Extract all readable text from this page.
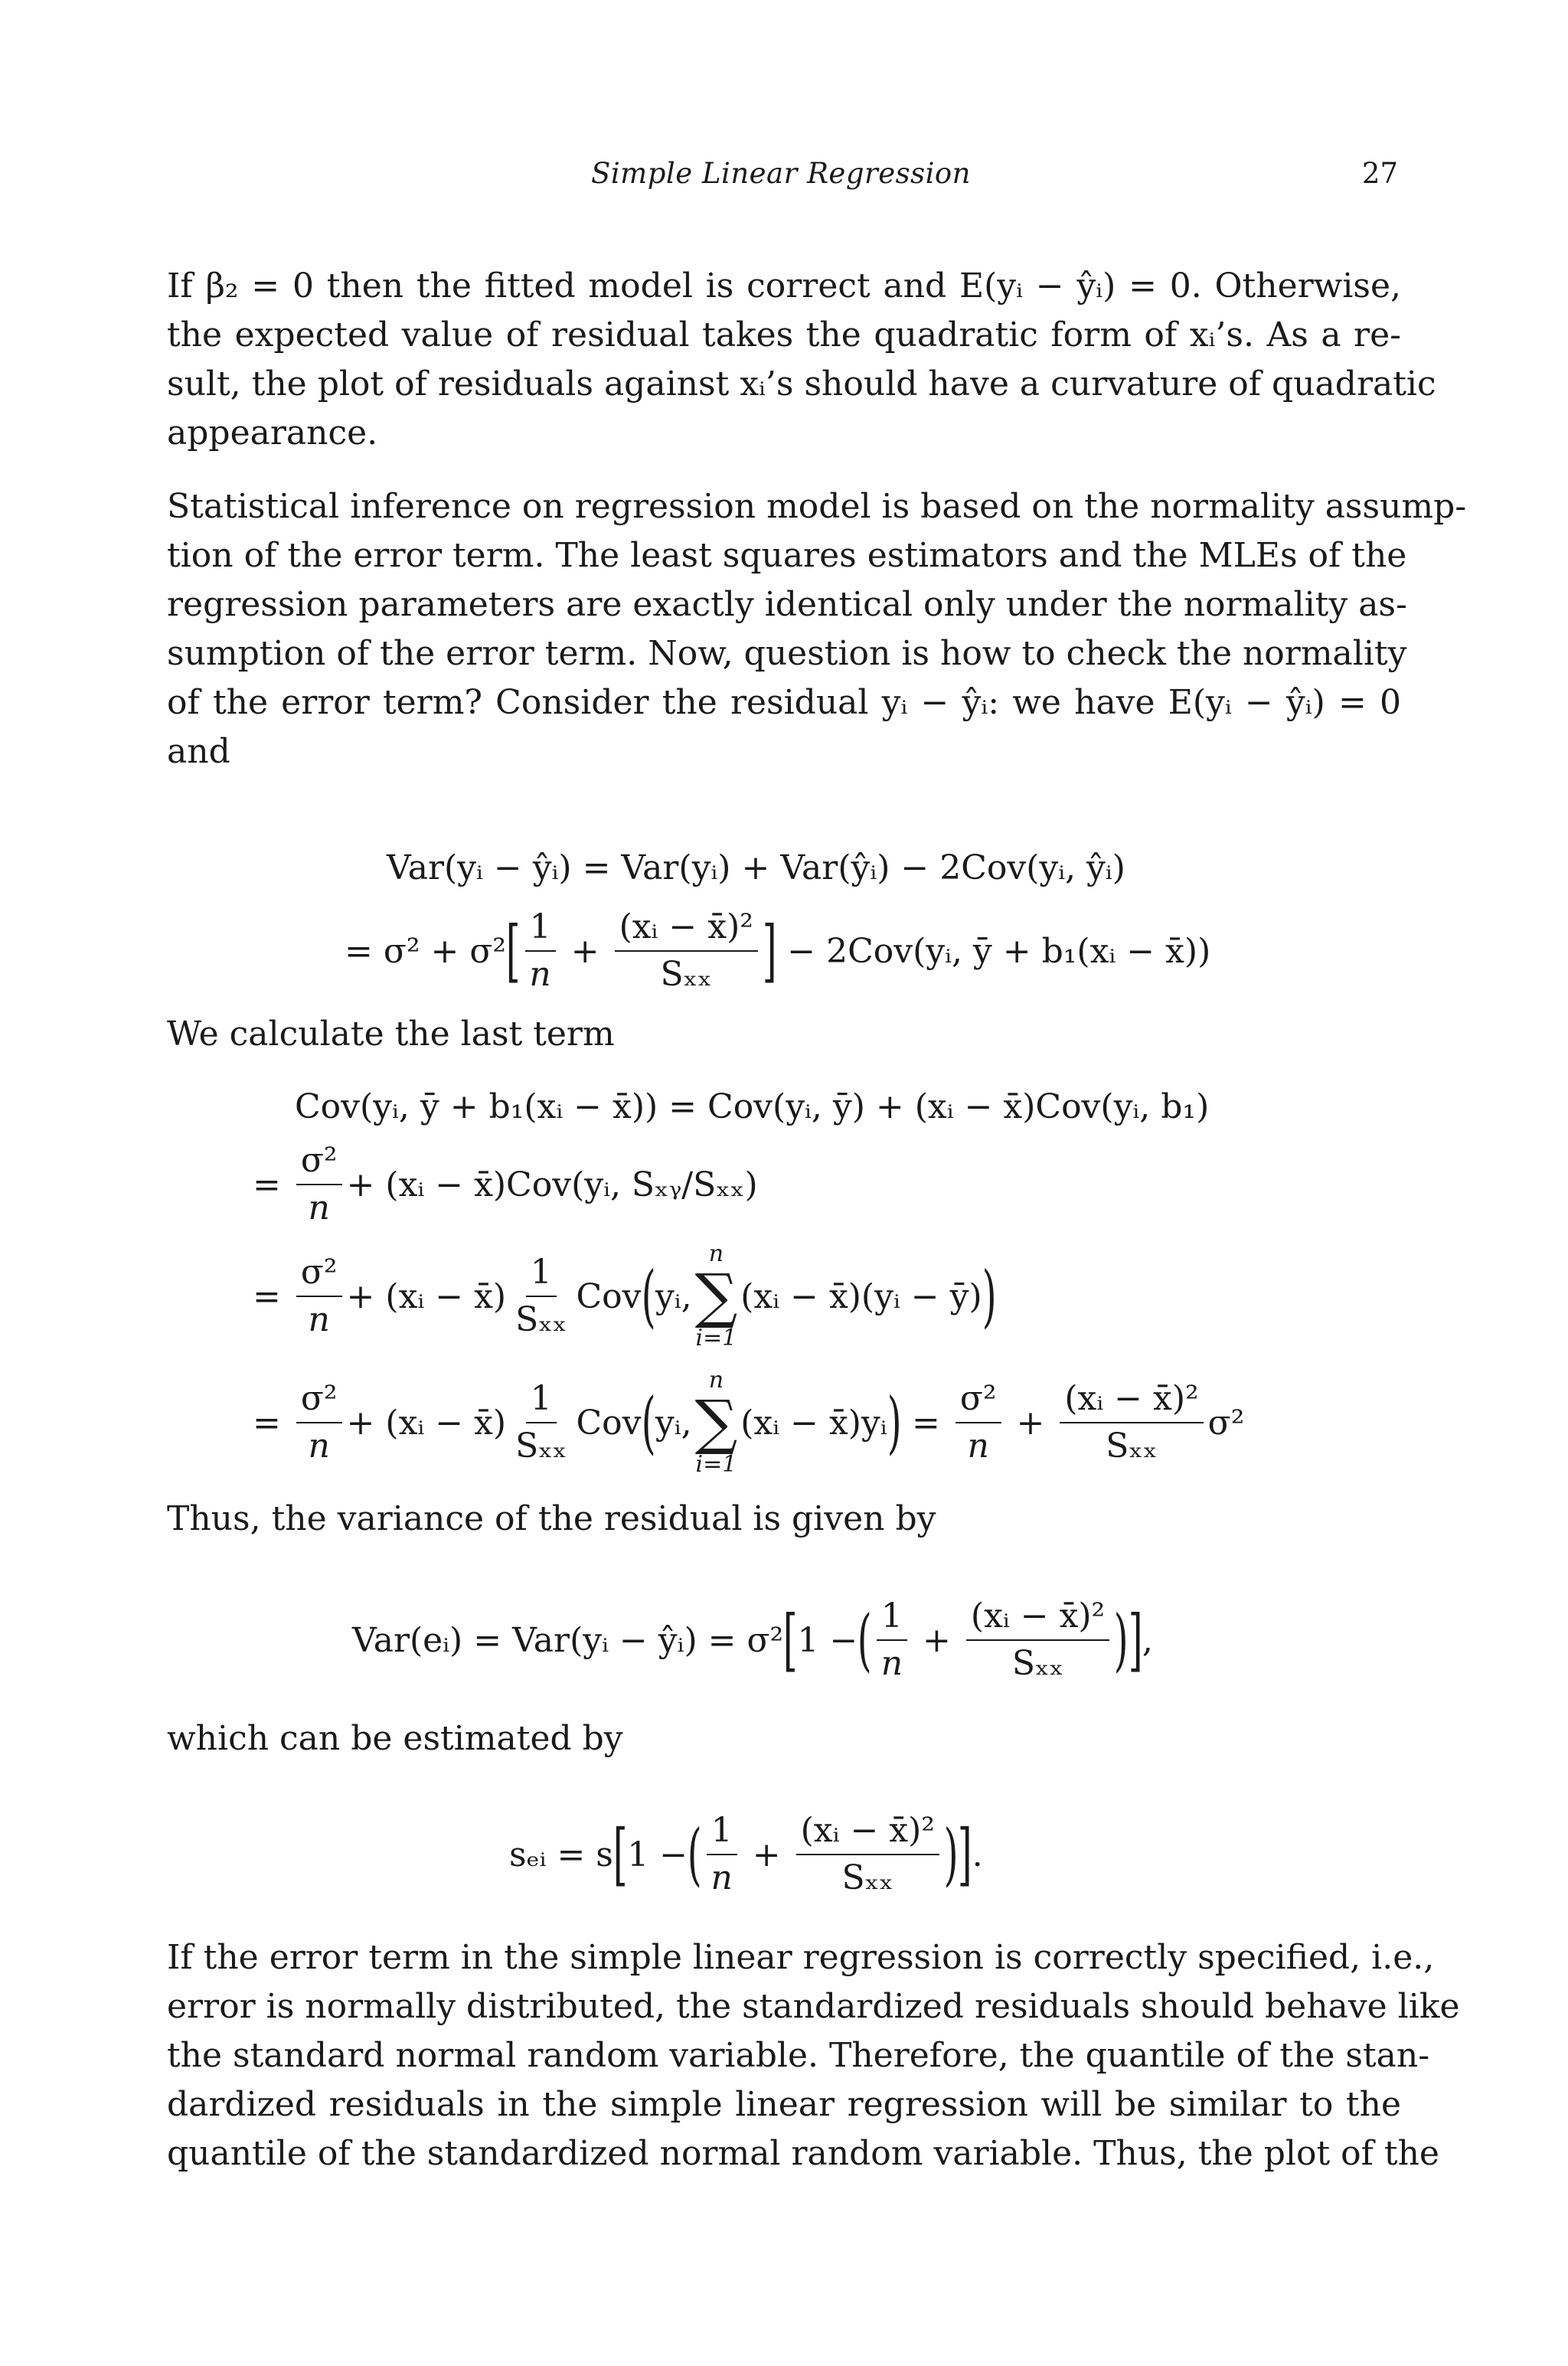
Simple Linear Regression	27
If β₂ = 0 then the fitted model is correct and E(yᵢ − ŷᵢ) = 0. Otherwise,
the expected value of residual takes the quadratic form of xᵢ’s. As a re-
sult, the plot of residuals against xᵢ’s should have a curvature of quadratic
appearance.
Statistical inference on regression model is based on the normality assump-
tion of the error term. The least squares estimators and the MLEs of the
regression parameters are exactly identical only under the normality as-
sumption of the error term. Now, question is how to check the normality
of the error term? Consider the residual yᵢ − ŷᵢ: we have E(yᵢ − ŷᵢ) = 0
and
Var(yᵢ − ŷᵢ) = Var(yᵢ) + Var(ŷᵢ) − 2Cov(yᵢ, ŷᵢ)
= σ² + σ² [ $\frac{1}{n} + \frac{\text{(xᵢ − x̄)²}}{\text{Sₓₓ}}$ ] − 2Cov(yᵢ, ȳ + b₁(xᵢ − x̄))
We calculate the last term
Cov(yᵢ, ȳ + b₁(xᵢ − x̄)) = Cov(yᵢ, ȳ) + (xᵢ − x̄)Cov(yᵢ, b₁)
= $\frac{\text{σ²}}{n}$ + (xᵢ − x̄)Cov(yᵢ, Sₓᵧ/Sₓₓ)
= $\frac{\text{σ²}}{n}$ + (xᵢ − x̄) $\frac{1}{\text{Sₓₓ}}$ Cov ( yᵢ,
n
∑
i=1
(xᵢ − x̄)(yᵢ − ȳ) )
= $\frac{\text{σ²}}{n}$ + (xᵢ − x̄) $\frac{1}{\text{Sₓₓ}}$ Cov ( yᵢ,
n
∑
i=1
(xᵢ − x̄)yᵢ ) = $\frac{\text{σ²}}{n} + \frac{\text{(xᵢ − x̄)²}}{\text{Sₓₓ}} \sigma^2$
Thus, the variance of the residual is given by
Var(eᵢ) = Var(yᵢ − ŷᵢ) = σ² [ 1 − ( $\frac{1}{n} + \frac{\text{(xᵢ − x̄)²}}{\text{Sₓₓ}}$ ) ] ,
which can be estimated by
sₑᵢ = s [ 1 − ( $\frac{1}{n} + \frac{\text{(xᵢ − x̄)²}}{\text{Sₓₓ}}$ ) ] .
If the error term in the simple linear regression is correctly specified, i.e.,
error is normally distributed, the standardized residuals should behave like
the standard normal random variable. Therefore, the quantile of the stan-
dardized residuals in the simple linear regression will be similar to the
quantile of the standardized normal random variable. Thus, the plot of the
